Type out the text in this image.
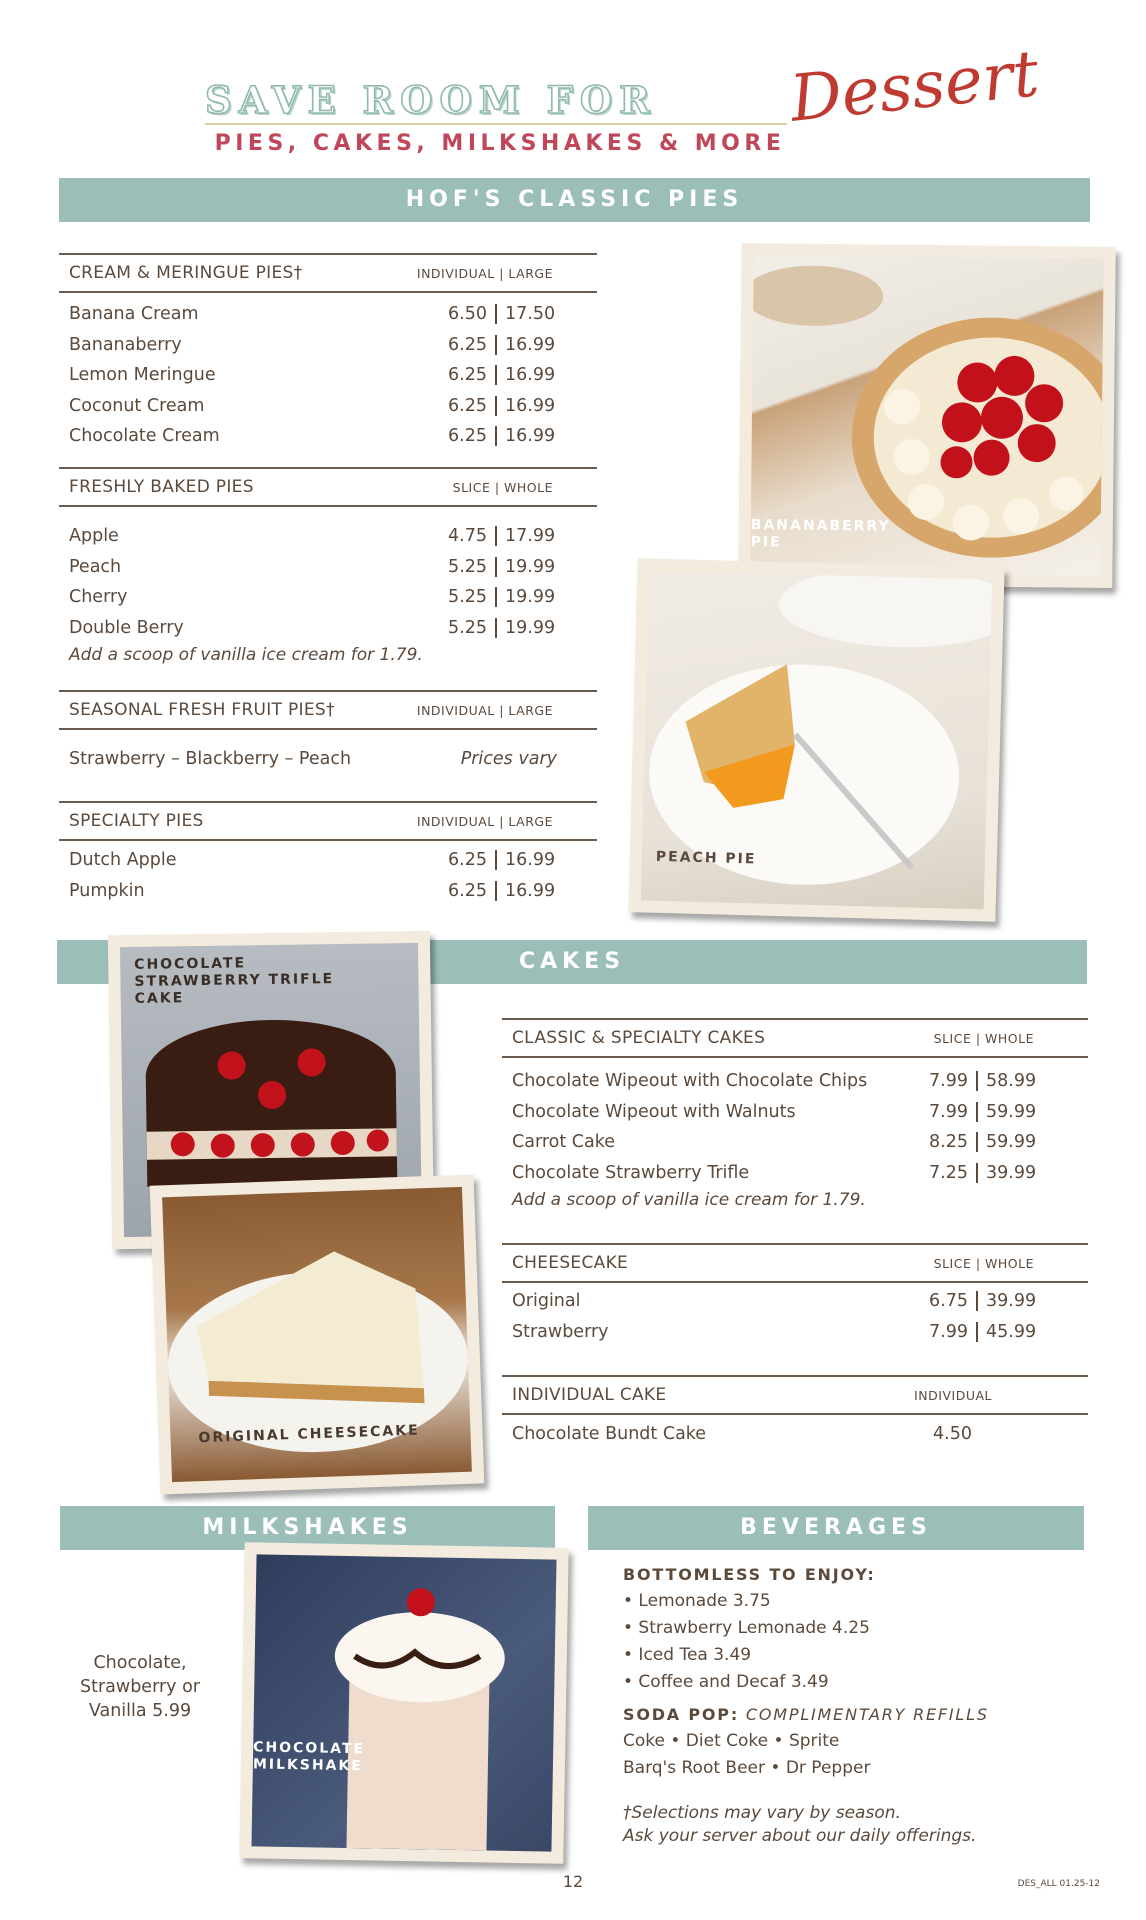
SAVE ROOM FOR Dessert
PIES, CAKES, MILKSHAKES & MORE
HOF'S CLASSIC PIES
CREAM & MERINGUE PIES†	INDIVIDUAL | LARGE
Banana Cream	6.50 17.50
Bananaberry	6.25 16.99
Lemon Meringue	6.25 16.99
Coconut Cream	6.25 16.99
Chocolate Cream	6.25 16.99
FRESHLY BAKED PIES	SLICE | WHOLE
Apple	4.75 17.99
Peach	5.25 19.99
Cherry	5.25 19.99
Double Berry	5.25 19.99
Add a scoop of vanilla ice cream for 1.79.
SEASONAL FRESH FRUIT PIES†	INDIVIDUAL | LARGE
Strawberry – Blackberry – Peach	Prices vary
SPECIALTY PIES	INDIVIDUAL | LARGE
Dutch Apple	6.25 16.99
Pumpkin	6.25 16.99
BANANABERRY PIE
PEACH PIE
CAKES
CHOCOLATE STRAWBERRY TRIFLE CAKE
ORIGINAL CHEESECAKE
CLASSIC & SPECIALTY CAKES	SLICE | WHOLE
Chocolate Wipeout with Chocolate Chips	7.99 58.99
Chocolate Wipeout with Walnuts	7.99 59.99
Carrot Cake	8.25 59.99
Chocolate Strawberry Trifle	7.25 39.99
Add a scoop of vanilla ice cream for 1.79.
CHEESECAKE	SLICE | WHOLE
Original	6.75 39.99
Strawberry	7.99 45.99
INDIVIDUAL CAKE	INDIVIDUAL
Chocolate Bundt Cake	4.50
MILKSHAKES
Chocolate,
Strawberry or
Vanilla 5.99
CHOCOLATE MILKSHAKE
BEVERAGES
BOTTOMLESS TO ENJOY:
• Lemonade 3.75
• Strawberry Lemonade 4.25
• Iced Tea 3.49
• Coffee and Decaf 3.49
SODA POP: COMPLIMENTARY REFILLS
Coke • Diet Coke • Sprite
Barq's Root Beer • Dr Pepper
†Selections may vary by season.
Ask your server about our daily offerings.
12	DES_ALL 01.25-12
